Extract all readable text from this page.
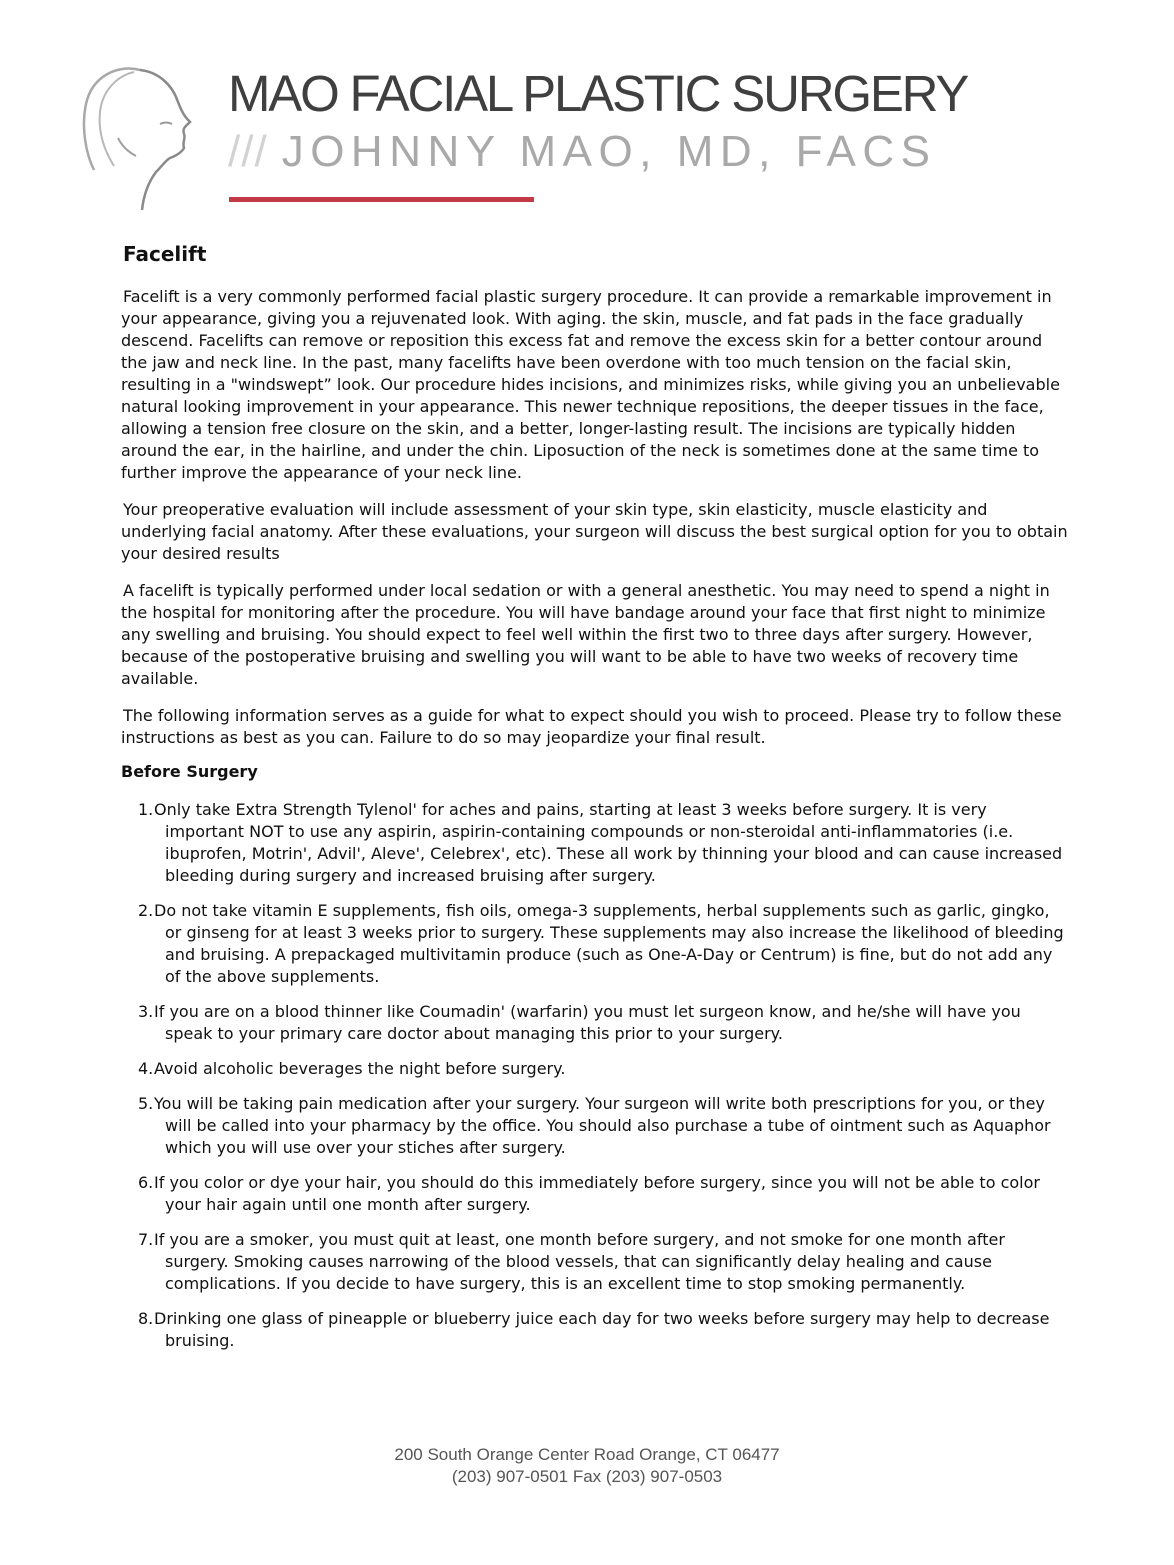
MAO FACIAL PLASTIC SURGERY
/// JOHNNY MAO, MD, FACS
Facelift

Facelift is a very commonly performed facial plastic surgery procedure. It can provide a remarkable improvement in your appearance, giving you a rejuvenated look. With aging. the skin, muscle, and fat pads in the face gradually descend. Facelifts can remove or reposition this excess fat and remove the excess skin for a better contour around the jaw and neck line. In the past, many facelifts have been overdone with too much tension on the facial skin, resulting in a "windswept” look. Our procedure hides incisions, and minimizes risks, while giving you an unbelievable natural looking improvement in your appearance. This newer technique repositions, the deeper tissues in the face, allowing a tension free closure on the skin, and a better, longer-lasting result. The incisions are typically hidden around the ear, in the hairline, and under the chin. Liposuction of the neck is sometimes done at the same time to further improve the appearance of your neck line.

Your preoperative evaluation will include assessment of your skin type, skin elasticity, muscle elasticity and underlying facial anatomy. After these evaluations, your surgeon will discuss the best surgical option for you to obtain your desired results

A facelift is typically performed under local sedation or with a general anesthetic. You may need to spend a night in the hospital for monitoring after the procedure. You will have bandage around your face that first night to minimize any swelling and bruising. You should expect to feel well within the first two to three days after surgery. However, because of the postoperative bruising and swelling you will want to be able to have two weeks of recovery time available.

The following information serves as a guide for what to expect should you wish to proceed. Please try to follow these instructions as best as you can. Failure to do so may jeopardize your final result.

Before Surgery
1. Only take Extra Strength Tylenol' for aches and pains, starting at least 3 weeks before surgery. It is very important NOT to use any aspirin, aspirin-containing compounds or non-steroidal anti-inflammatories (i.e. ibuprofen, Motrin', Advil', Aleve', Celebrex', etc). These all work by thinning your blood and can cause increased bleeding during surgery and increased bruising after surgery.
2. Do not take vitamin E supplements, fish oils, omega-3 supplements, herbal supplements such as garlic, gingko, or ginseng for at least 3 weeks prior to surgery. These supplements may also increase the likelihood of bleeding and bruising. A prepackaged multivitamin produce (such as One-A-Day or Centrum) is fine, but do not add any of the above supplements.
3. If you are on a blood thinner like Coumadin' (warfarin) you must let surgeon know, and he/she will have you speak to your primary care doctor about managing this prior to your surgery.
4. Avoid alcoholic beverages the night before surgery.
5. You will be taking pain medication after your surgery. Your surgeon will write both prescriptions for you, or they will be called into your pharmacy by the office. You should also purchase a tube of ointment such as Aquaphor which you will use over your stiches after surgery.
6. If you color or dye your hair, you should do this immediately before surgery, since you will not be able to color your hair again until one month after surgery.
7. If you are a smoker, you must quit at least, one month before surgery, and not smoke for one month after surgery. Smoking causes narrowing of the blood vessels, that can significantly delay healing and cause complications. If you decide to have surgery, this is an excellent time to stop smoking permanently.
8. Drinking one glass of pineapple or blueberry juice each day for two weeks before surgery may help to decrease bruising.
200 South Orange Center Road Orange, CT 06477
(203) 907-0501 Fax (203) 907-0503
